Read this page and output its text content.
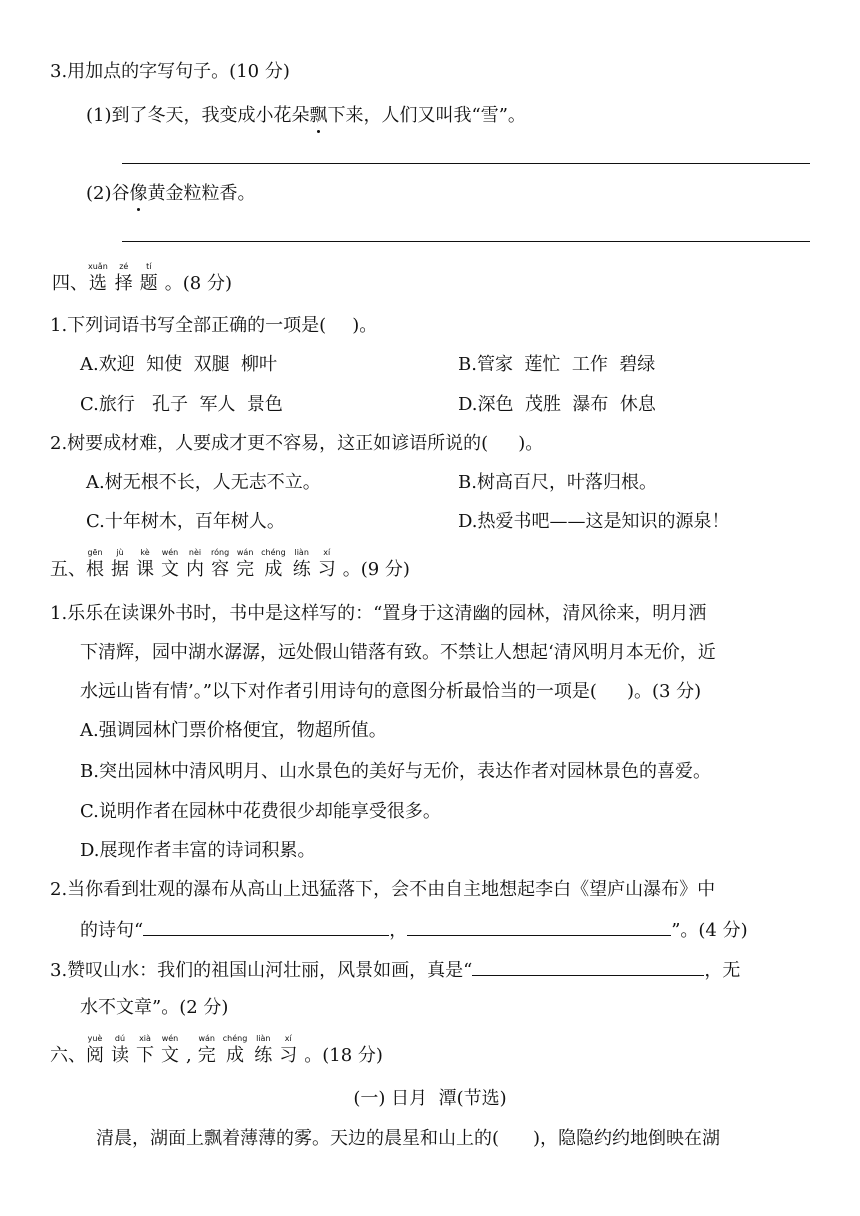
3.用加点的字写句子。(10 分)
(1)到了冬天，我变成小花朵飘下来，人们又叫我“雪”。
(2)谷像黄金粒粒香。
四、
xuǎn
选
zé
择
tí
题 。(8 分)
1.下列词语书写全部正确的一项是( )。
A.欢迎  知使  双腿  柳叶	B.管家  莲忙  工作  碧绿
C.旅行   孔子  军人  景色	D.深色  茂胜  瀑布  休息
2.树要成材难，人要成才更不容易，这正如谚语所说的( )。
A.树无根不长，人无志不立。	B.树高百尺，叶落归根。
C.十年树木，百年树人。	D.热爱书吧——这是知识的源泉！
五、
gēn
根
jù
据
kè
课
wén
文
nèi
内
róng
容
wán
完
chéng
成
liàn
练
xí
习 。(9 分)
1.乐乐在读课外书时，书中是这样写的：“置身于这清幽的园林，清风徐来，明月洒
下清辉，园中湖水潺潺，远处假山错落有致。不禁让人想起‘清风明月本无价，近
水远山皆有情’。”以下对作者引用诗句的意图分析最恰当的一项是( )。(3 分)
A.强调园林门票价格便宜，物超所值。
B.突出园林中清风明月、山水景色的美好与无价，表达作者对园林景色的喜爱。
C.说明作者在园林中花费很少却能享受很多。
D.展现作者丰富的诗词积累。
2.当你看到壮观的瀑布从高山上迅猛落下，会不由自主地想起李白《望庐山瀑布》中
的诗句“	，	”。(4 分)
3.赞叹山水：我们的祖国山河壮丽，风景如画，真是“	，无
水不文章”。(2 分)
六、
yuè
阅
dú
读
xià
下
wén
文 ,
wán
完
chéng
成
liàn
练
xí
习 。(18 分)
(一) 日月  潭(节选)
清晨，湖面上飘着薄薄的雾。天边的晨星和山上的( )，隐隐约约地倒映在湖
